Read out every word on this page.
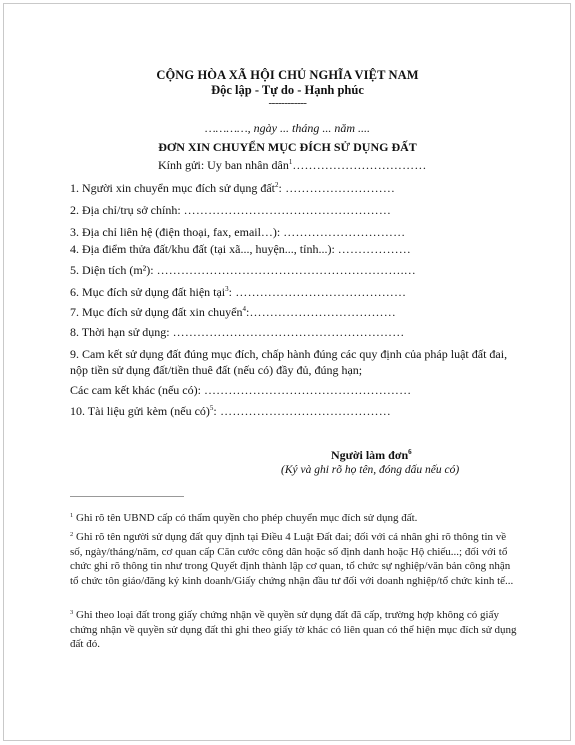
CỘNG HÒA XÃ HỘI CHỦ NGHĨA VIỆT NAM
Độc lập - Tự do - Hạnh phúc
------------
…………, ngày ... tháng ... năm ....
ĐƠN XIN CHUYỂN MỤC ĐÍCH SỬ DỤNG ĐẤT
Kính gửi: Uy ban nhân dân$^1$……………………………
1. Người xin chuyển mục đích sử dụng đất$^2$: ………………………
2. Địa chỉ/trụ sở chính: ……………………………………………
3. Địa chỉ liên hệ (điện thoại, fax, email…): …………………………
4. Địa điểm thửa đất/khu đất (tại xã..., huyện..., tỉnh...): ………………
5. Diện tích (m²): …………………………………………………….…
6. Mục đích sử dụng đất hiện tại$^3$: ……………………………………
7. Mục đích sử dụng đất xin chuyển$^4$:………………………………
8. Thời hạn sử dụng: …………………………………………………
9. Cam kết sử dụng đất đúng mục đích, chấp hành đúng các quy định của pháp luật đất đai, nộp tiền sử dụng đất/tiền thuê đất (nếu có) đầy đủ, đúng hạn;
Các cam kết khác (nếu có): ……………………………………………
10. Tài liệu gửi kèm (nếu có)$^5$: ……………………………………
Người làm đơn$^6$
(Ký và ghi rõ họ tên, đóng dấu nếu có)
$^1$ Ghi rõ tên UBND cấp có thẩm quyền cho phép chuyển mục đích sử dụng đất.
$^2$ Ghi rõ tên người sử dụng đất quy định tại Điều 4 Luật Đất đai; đối với cá nhân ghi rõ thông tin về số, ngày/tháng/năm, cơ quan cấp Căn cước công dân hoặc số định danh hoặc Hộ chiếu...; đối với tổ chức ghi rõ thông tin như trong Quyết định thành lập cơ quan, tổ chức sự nghiệp/văn bản công nhận tổ chức tôn giáo/đăng ký kinh doanh/Giấy chứng nhận đầu tư đối với doanh nghiệp/tổ chức kinh tế...
$^3$ Ghi theo loại đất trong giấy chứng nhận về quyền sử dụng đất đã cấp, trường hợp không có giấy chứng nhận về quyền sử dụng đất thì ghi theo giấy tờ khác có liên quan có thể hiện mục đích sử dụng đất đó.
